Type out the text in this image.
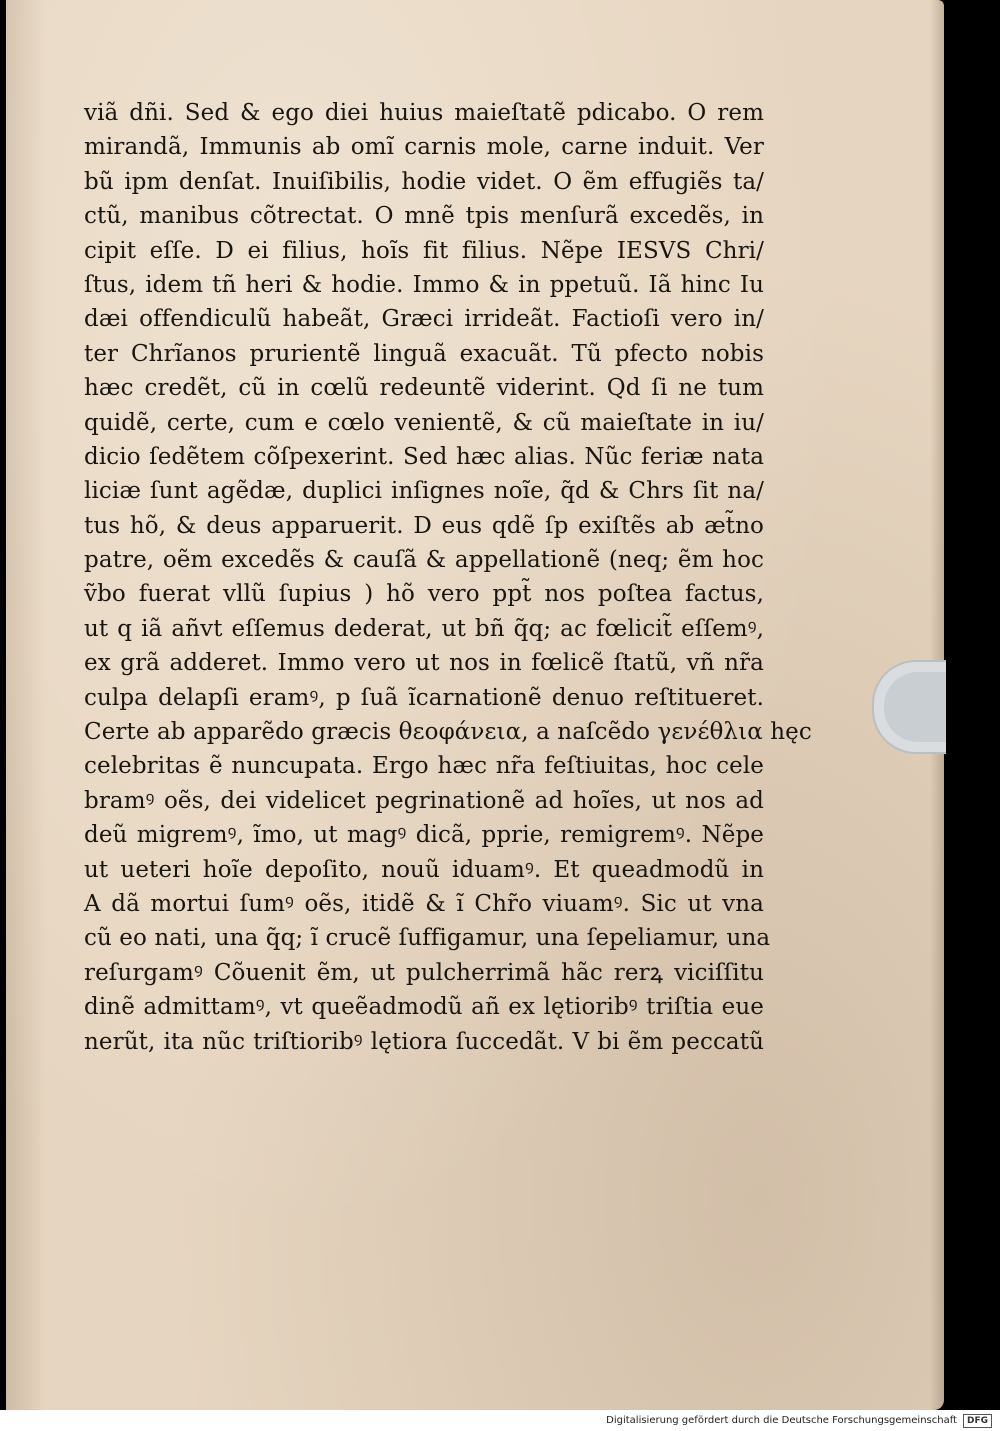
viã dñi. Sed & ego diei huius maieſtatẽ pdicabo. O rem
mirandã, Immunis ab omĩ carnis mole, carne induit. Ver
bũ ipm denſat. Inuiſibilis, hodie videt. O ẽm effugiẽs ta/
ctũ, manibus cõtrectat. O mnẽ tpis menſurã excedẽs, in
cipit eſſe. D ei filius, hoĩs fit filius. Nẽpe IESVS Chri/
ſtus, idem tñ heri & hodie. Immo & in ppetuũ. Iã hinc Iu
dæi offendiculũ habeãt, Græci irrideãt. Factioſi vero in/
ter Chrĩanos prurientẽ linguã exacuãt. Tũ pfecto nobis
hæc credẽt, cũ in cœlũ redeuntẽ viderint. Qd ſi ne tum
quidẽ, certe, cum e cœlo venientẽ, & cũ maieſtate in iu/
dicio ſedẽtem cõſpexerint. Sed hæc alias. Nũc feriæ nata
liciæ ſunt agẽdæ, duplici inſignes noĩe, q̃d & Chrs ſit na/
tus hõ, & deus apparuerit. D eus qdẽ ſp exiſtẽs ab æt̃no
patre, oẽm excedẽs & cauſã & appellationẽ (neq; ẽm hoc
ṽbo fuerat vllũ ſupius ) hõ vero ppt̃ nos poſtea factus,
ut q iã añvt eſſemus dederat, ut bñ q̃q; ac fœlicit̃ eſſemꝰ,
ex grã adderet. Immo vero ut nos in fœlicẽ ſtatũ, vñ nr̃a
culpa delapſi eramꝰ, p ſuã ĩcarnationẽ denuo reſtitueret.
Certe ab apparẽdo græcis θεοφάνεια, a naſcẽdo γενέθλια hęc
celebritas ẽ nuncupata. Ergo hæc nr̃a feſtiuitas, hoc cele
bramꝰ oẽs, dei videlicet pegrinationẽ ad hoĩes, ut nos ad
deũ migremꝰ, ĩmo, ut magꝰ dicã, pprie, remigremꝰ. Nẽpe
ut ueteri hoĩe depoſito, nouũ iduamꝰ. Et queadmodũ in
A dã mortui ſumꝰ oẽs, itidẽ & ĩ Chr̃o viuamꝰ. Sic ut vna
cũ eo nati, una q̃q; ĩ crucẽ ſuffigamur, una ſepeliamur, una
reſurgamꝰ Cõuenit ẽm, ut pulcherrimã hãc rerꝝ viciſſitu
dinẽ admittamꝰ, vt queẽadmodũ añ ex lętioribꝰ triſtia eue
nerũt, ita nũc triſtioribꝰ lętiora ſuccedãt. V bi ẽm peccatũ
Digitalisierung gefördert durch die Deutsche Forschungsgemeinschaft DFG
